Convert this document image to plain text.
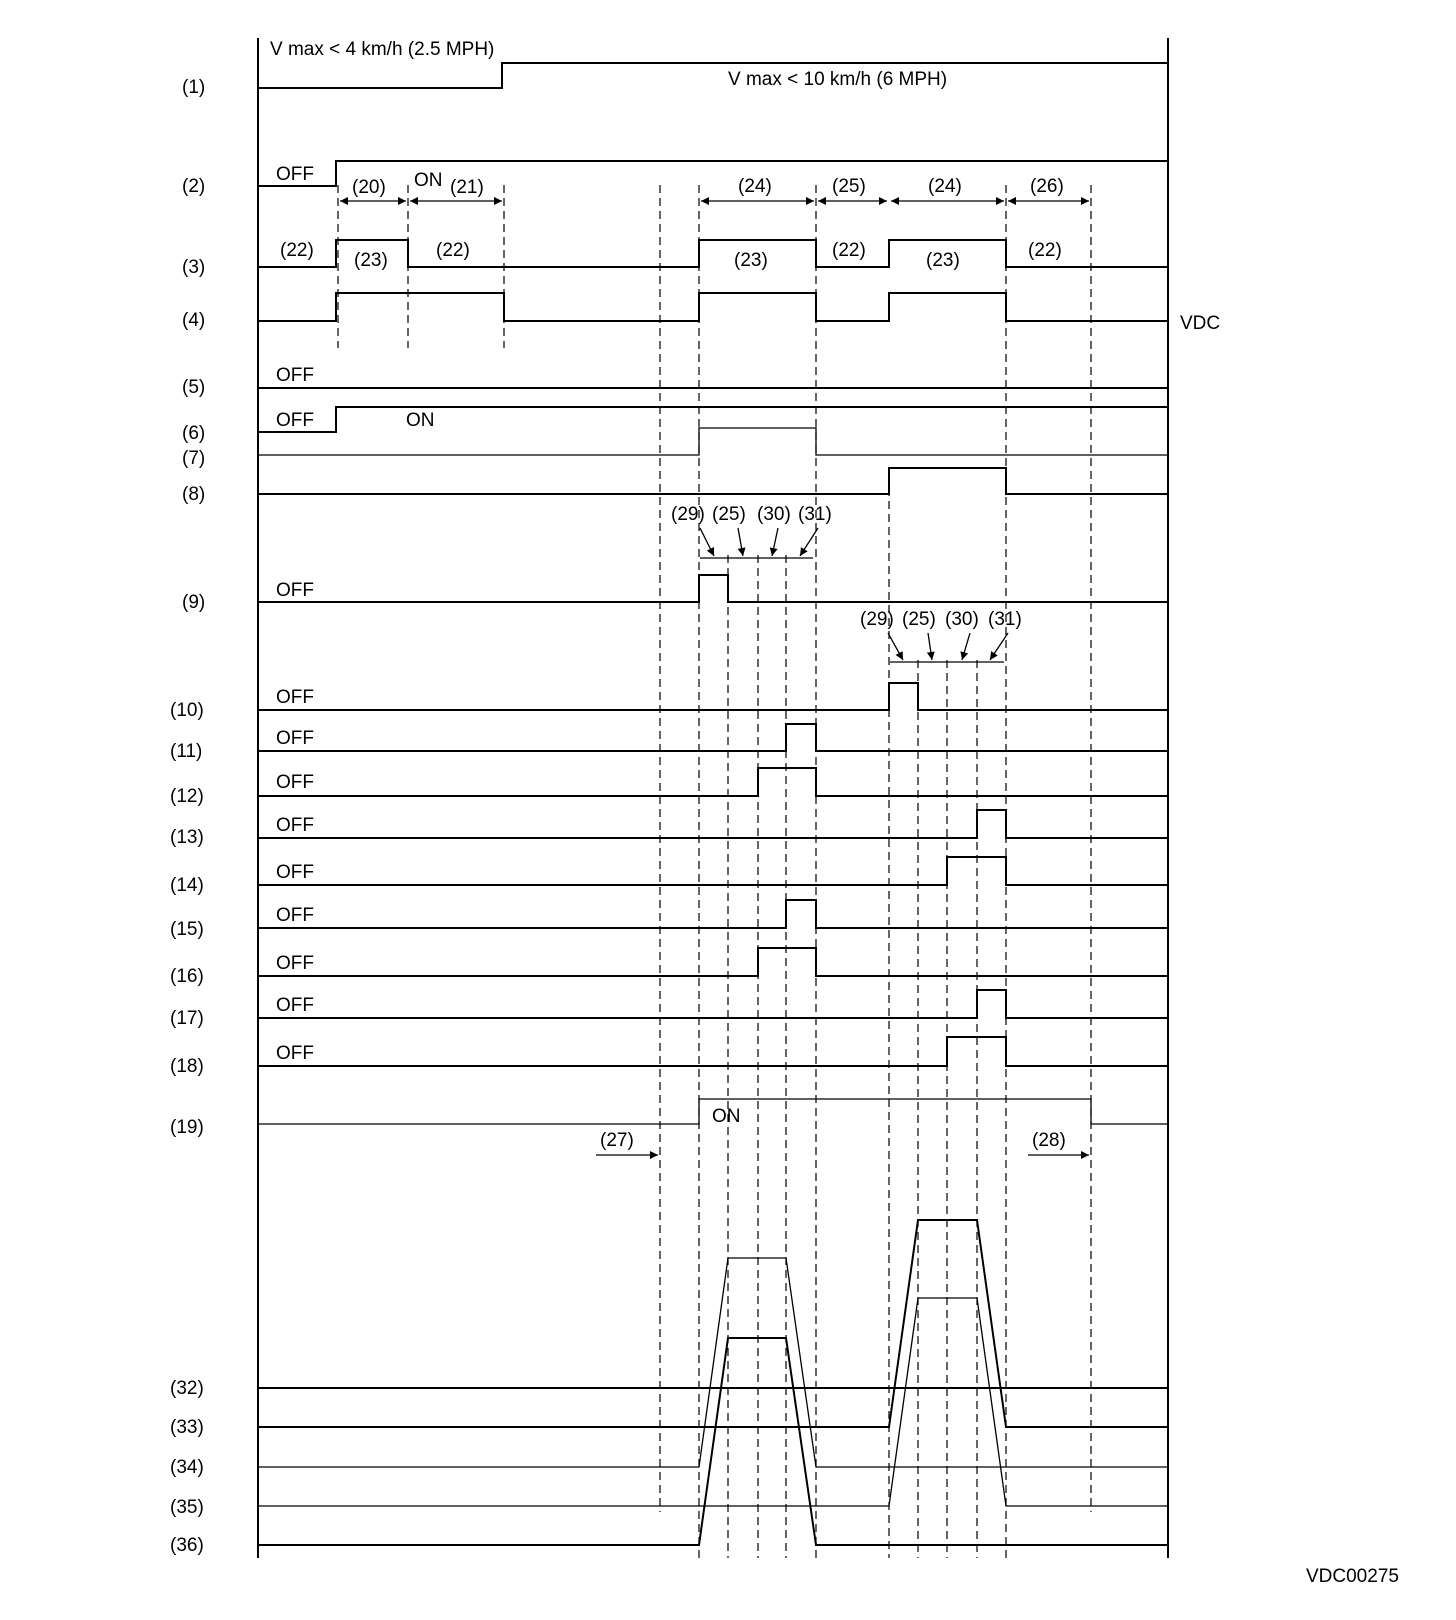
(1)
(2)
(3)
(4)
(5)
(6)
(7)
(8)
(9)
(10)
(11)
(12)
(13)
(14)
(15)
(16)
(17)
(18)
(19)
(32)
(33)
(34)
(35)
(36)
V max < 4 km/h (2.5 MPH)
V max < 10 km/h (6 MPH)
OFF	ON
(20)	(21)	(24)	(25)	(24)	(26)
(22) (23)	(22)	(23)	(22)	(23)	(22)
VDC
OFF
OFF	ON
(29) (25) (30) (31)
OFF
(29) (25) (30) (31)
OFF
OFF
OFF
OFF
OFF
OFF
OFF
OFF
OFF
ON
(27)	(28)
VDC00275
